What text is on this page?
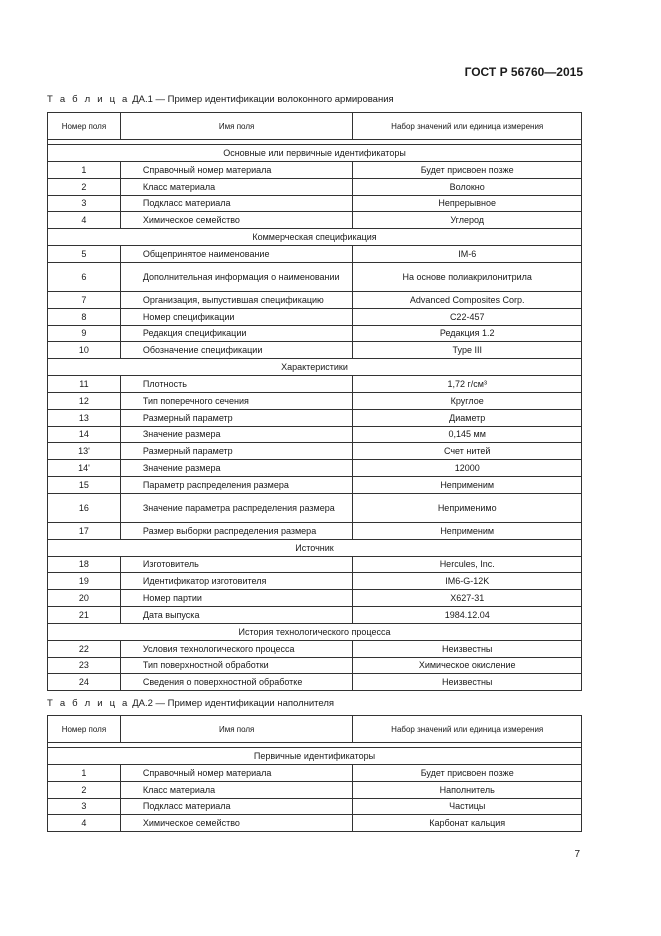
ГОСТ Р 56760—2015
Т а б л и ц а ДА.1 — Пример идентификации волоконного армирования
Номер поля	Имя поля	Набор значений или единица измерения

Основные или первичные идентификаторы		
1	Справочный номер материала	Будет присвоен позже
2	Класс материала	Волокно
3	Подкласс материала	Непрерывное
4	Химическое семейство	Углерод
Коммерческая спецификация		
5	Общепринятое наименование	IM-6
6	Дополнительная информация о наименовании	На основе полиакрилонитрила
7	Организация, выпустившая спецификацию	Advanced Composites Corp.
8	Номер спецификации	C22-457
9	Редакция спецификации	Редакция 1.2
10	Обозначение спецификации	Type III
Характеристики		
11	Плотность	1,72 г/см³
12	Тип поперечного сечения	Круглое
13	Размерный параметр	Диаметр
14	Значение размера	0,145 мм
13'	Размерный параметр	Счет нитей
14'	Значение размера	12000
15	Параметр распределения размера	Неприменим
16	Значение параметра распределения размера	Неприменимо
17	Размер выборки распределения размера	Неприменим
Источник		
18	Изготовитель	Hercules, Inc.
19	Идентификатор изготовителя	IM6-G-12K
20	Номер партии	X627-31
21	Дата выпуска	1984.12.04
История технологического процесса		
22	Условия технологического процесса	Неизвестны
23	Тип поверхностной обработки	Химическое окисление
24	Сведения о поверхностной обработке	Неизвестны
Т а б л и ц а ДА.2 — Пример идентификации наполнителя
Номер поля	Имя поля	Набор значений или единица измерения

Первичные идентификаторы		
1	Справочный номер материала	Будет присвоен позже
2	Класс материала	Наполнитель
3	Подкласс материала	Частицы
4	Химическое семейство	Карбонат кальция
7
